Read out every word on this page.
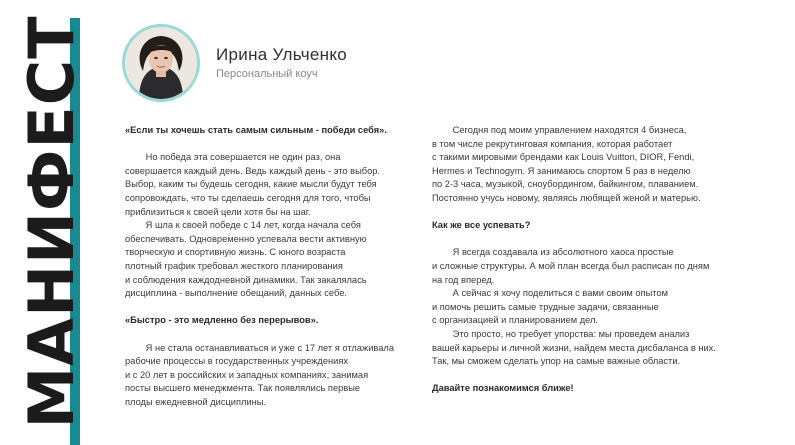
МАНИФЕСТ	Ирина Ульченко
Персональный коуч
«Если ты хочешь стать самым сильным - победи себя».
Но победа эта совершается не один раз, она
совершается каждый день. Ведь каждый день - это выбор.
Выбор, каким ты будешь сегодня, какие мысли будут тебя
сопровождать, что ты сделаешь сегодня для того, чтобы
приблизиться к своей цели хотя бы на шаг.
Я шла к своей победе с 14 лет, когда начала себя
обеспечивать. Одновременно успевала вести активную
творческую и спортивную жизнь. С юного возраста
плотный график требовал жесткого планирования
и соблюдения каждодневной динамики. Так закалялась
дисциплина - выполнение обещаний, данных себе.
«Быстро - это медленно без перерывов».
Я не стала останавливаться и уже с 17 лет я отлаживала
рабочие процессы в государственных учреждениях
и с 20 лет в российских и западных компаниях, занимая
посты высшего менеджмента. Так появлялись первые
плоды ежедневной дисциплины.
Сегодня под моим управлением находятся 4 бизнеса,
в том числе рекрутинговая компания, которая работает
с такими мировыми брендами как Louis Vuitton, DIOR, Fendi,
Hermes и Technogym. Я занимаюсь спортом 5 раз в неделю
по 2-3 часа, музыкой, сноубордингом, байкингом, плаванием.
Постоянно учусь новому, являясь любящей женой и матерью.
Как же все успевать?
Я всегда создавала из абсолютного хаоса простые
и сложные структуры. А мой план всегда был расписан по дням
на год вперед.
А сейчас я хочу поделиться с вами своим опытом
и помочь решить самые трудные задачи, связанные
с организацией и планированием дел.
Это просто, но требует упорства: мы проведем анализ
вашей карьеры и личной жизни, найдем места дисбаланса в них.
Так, мы сможем сделать упор на самые важные области.
Давайте познакомимся ближе!
